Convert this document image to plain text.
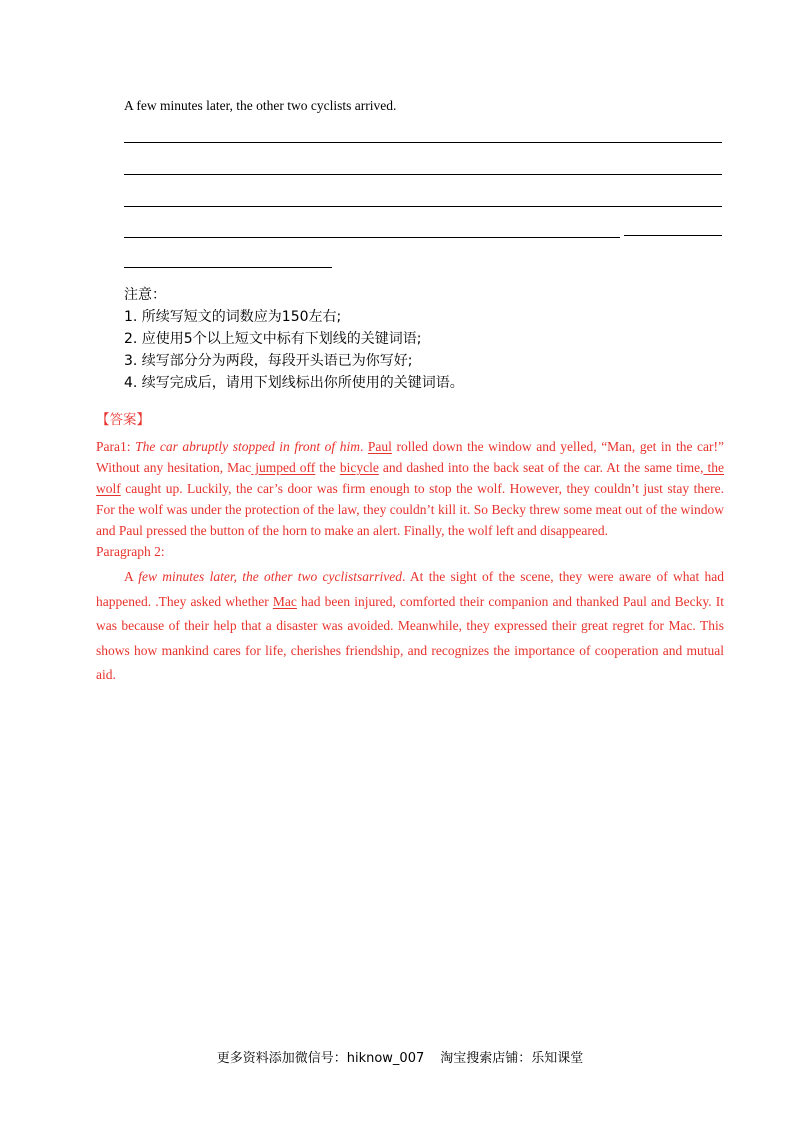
A few minutes later, the other two cyclists arrived.
注意：
1. 所续写短文的词数应为150左右;
2. 应使用5个以上短文中标有下划线的关键词语;
3. 续写部分分为两段，每段开头语已为你写好;
4. 续写完成后，请用下划线标出你所使用的关键词语。
【答案】

Para1: The car abruptly stopped in front of him. Paul rolled down the window and yelled, “Man, get in the car!” Without any hesitation, Mac jumped off the bicycle and dashed into the back seat of the car. At the same time, the wolf caught up. Luckily, the car’s door was firm enough to stop the wolf. However, they couldn’t just stay there. For the wolf was under the protection of the law, they couldn’t kill it. So Becky threw some meat out of the window and Paul pressed the button of the horn to make an alert. Finally, the wolf left and disappeared.

Paragraph 2:

A few minutes later, the other two cyclistsarrived. At the sight of the scene, they were aware of what had happened. .They asked whether Mac had been injured, comforted their companion and thanked Paul and Becky. It was because of their help that a disaster was avoided. Meanwhile, they expressed their great regret for Mac. This shows how mankind cares for life, cherishes friendship, and recognizes the importance of cooperation and mutual aid.

更多资料添加微信号：hiknow_007 淘宝搜索店铺：乐知课堂
